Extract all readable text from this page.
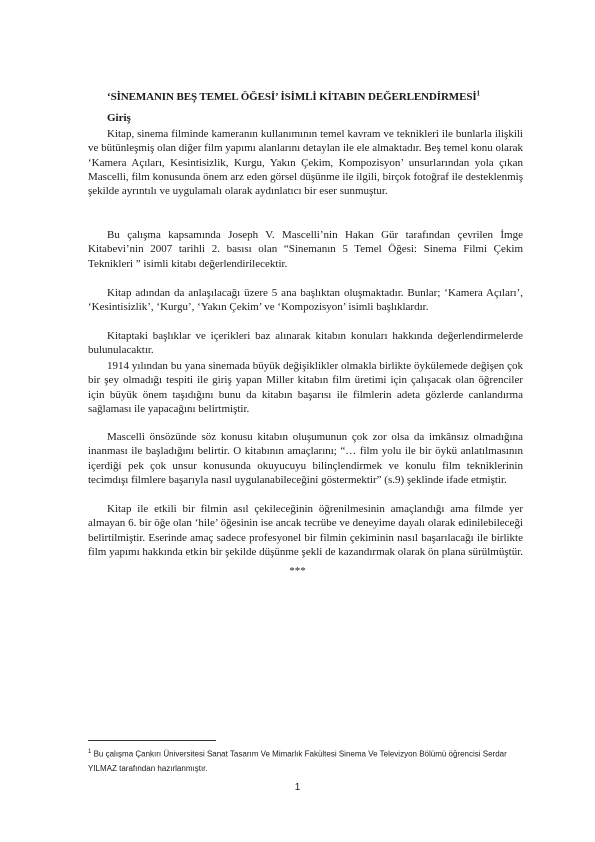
‘SİNEMANIN BEŞ TEMEL ÖĞESİ’ İSİMLİ KİTABIN DEĞERLENDİRMESİ$^1$
Giriş

Kitap, sinema filminde kameranın kullanımının temel kavram ve teknikleri ile bunlarla ilişkili ve bütünleşmiş olan diğer film yapımı alanlarını detaylan ile ele almaktadır. Beş temel konu olarak ‘Kamera Açıları, Kesintisizlik, Kurgu, Yakın Çekim, Kompozisyon’ unsurlarından yola çıkan Mascelli, film konusunda önem arz eden görsel düşünme ile ilgili, birçok fotoğraf ile desteklenmiş şekilde ayrıntılı ve uygulamalı olarak aydınlatıcı bir eser sunmuştur.

Bu çalışma kapsamında Joseph V. Mascelli’nin Hakan Gür tarafından çevrilen İmge Kitabevi’nin 2007 tarihli 2. basısı olan “Sinemanın 5 Temel Öğesi: Sinema Filmi Çekim Teknikleri ” isimli kitabı değerlendirilecektir.

Kitap adından da anlaşılacağı üzere 5 ana başlıktan oluşmaktadır. Bunlar; ‘Kamera Açıları’, ‘Kesintisizlik’, ‘Kurgu’, ‘Yakın Çekim’ ve ‘Kompozisyon’ isimli başlıklardır.

Kitaptaki başlıklar ve içerikleri baz alınarak kitabın konuları hakkında değerlendirmelerde bulunulacaktır.

1914 yılından bu yana sinemada büyük değişiklikler olmakla birlikte öykülemede değişen çok bir şey olmadığı tespiti ile giriş yapan Miller kitabın film üretimi için çalışacak olan öğrenciler için büyük önem taşıdığını bunu da kitabın başarısı ile filmlerin adeta gözlerde canlandırma sağlaması ile yapacağını belirtmiştir.

Mascelli önsözünde söz konusu kitabın oluşumunun çok zor olsa da imkânsız olmadığına inanması ile başladığını belirtir. O kitabının amaçlarını; “… film yolu ile bir öykü anlatılmasının içerdiği pek çok unsur konusunda okuyucuyu bilinçlendirmek ve konulu film tekniklerinin tecimdışı filmlere başarıyla nasıl uygulanabileceğini göstermektir” (s.9) şeklinde ifade etmiştir.

Kitap ile etkili bir filmin asıl çekileceğinin öğrenilmesinin amaçlandığı ama filmde yer almayan 6. bir öğe olan ‘hile’ öğesinin ise ancak tecrübe ve deneyime dayalı olarak edinilebileceği belirtilmiştir. Eserinde amaç sadece profesyonel bir filmin çekiminin nasıl başarılacağı ile birlikte film yapımı hakkında etkin bir şekilde düşünme şekli de kazandırmak olarak ön plana sürülmüştür.

***

$^1$ Bu çalışma Çankırı Üniversitesi Sanat Tasarım Ve Mimarlık Fakültesi Sinema Ve Televizyon Bölümü öğrencisi Serdar YILMAZ tarafından hazırlanmıştır.

1
